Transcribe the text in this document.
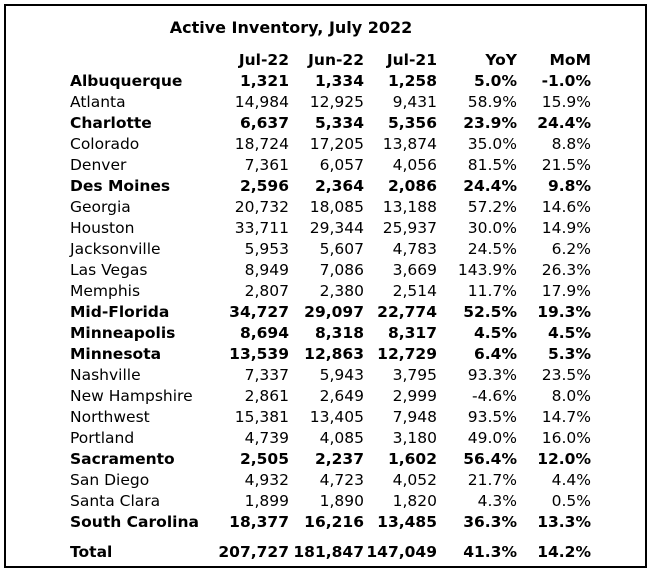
Active Inventory, July 2022
	Jul-22	Jun-22	Jul-21	YoY	MoM
Albuquerque	1,321	1,334	1,258	5.0%	-1.0%
Atlanta	14,984	12,925	9,431	58.9%	15.9%
Charlotte	6,637	5,334	5,356	23.9%	24.4%
Colorado	18,724	17,205	13,874	35.0%	8.8%
Denver	7,361	6,057	4,056	81.5%	21.5%
Des Moines	2,596	2,364	2,086	24.4%	9.8%
Georgia	20,732	18,085	13,188	57.2%	14.6%
Houston	33,711	29,344	25,937	30.0%	14.9%
Jacksonville	5,953	5,607	4,783	24.5%	6.2%
Las Vegas	8,949	7,086	3,669	143.9%	26.3%
Memphis	2,807	2,380	2,514	11.7%	17.9%
Mid-Florida	34,727	29,097	22,774	52.5%	19.3%
Minneapolis	8,694	8,318	8,317	4.5%	4.5%
Minnesota	13,539	12,863	12,729	6.4%	5.3%
Nashville	7,337	5,943	3,795	93.3%	23.5%
New Hampshire	2,861	2,649	2,999	-4.6%	8.0%
Northwest	15,381	13,405	7,948	93.5%	14.7%
Portland	4,739	4,085	3,180	49.0%	16.0%
Sacramento	2,505	2,237	1,602	56.4%	12.0%
San Diego	4,932	4,723	4,052	21.7%	4.4%
Santa Clara	1,899	1,890	1,820	4.3%	0.5%
South Carolina	18,377	16,216	13,485	36.3%	13.3%

Total	207,727	181,847	147,049	41.3%	14.2%
